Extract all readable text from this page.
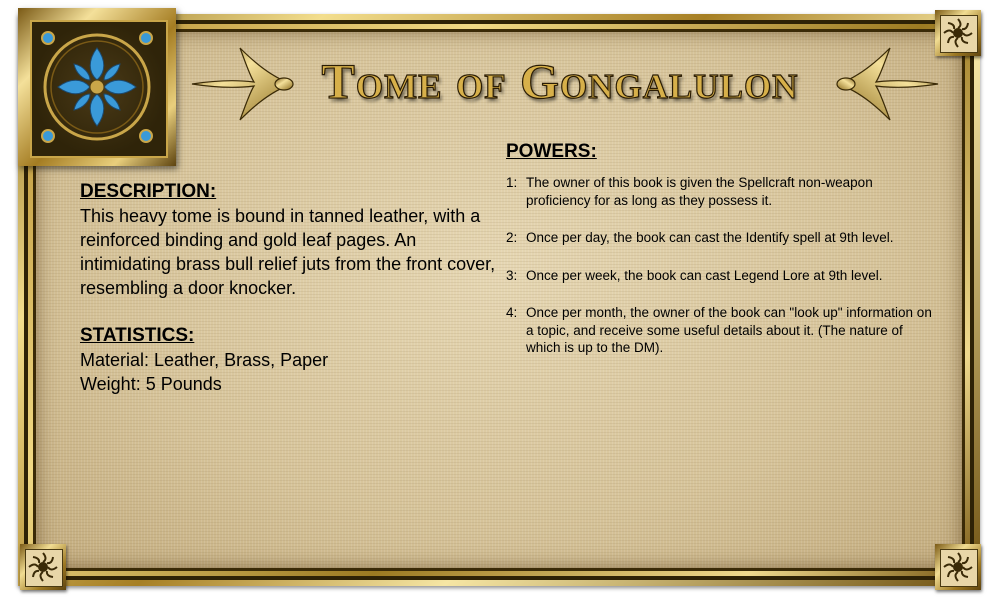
Tome of Gongalulon

DESCRIPTION:

This heavy tome is bound in tanned leather, with a reinforced binding and gold leaf pages. An intimidating brass bull relief juts from the front cover, resembling a door knocker.

STATISTICS:

Material: Leather, Brass, Paper

Weight: 5 Pounds

POWERS:

1: The owner of this book is given the Spellcraft non-weapon proficiency for as long as they possess it.
2: Once per day, the book can cast the Identify spell at 9th level.
3: Once per week, the book can cast Legend Lore at 9th level.
4: Once per month, the owner of the book can "look up" information on a topic, and receive some useful details about it. (The nature of which is up to the DM).
